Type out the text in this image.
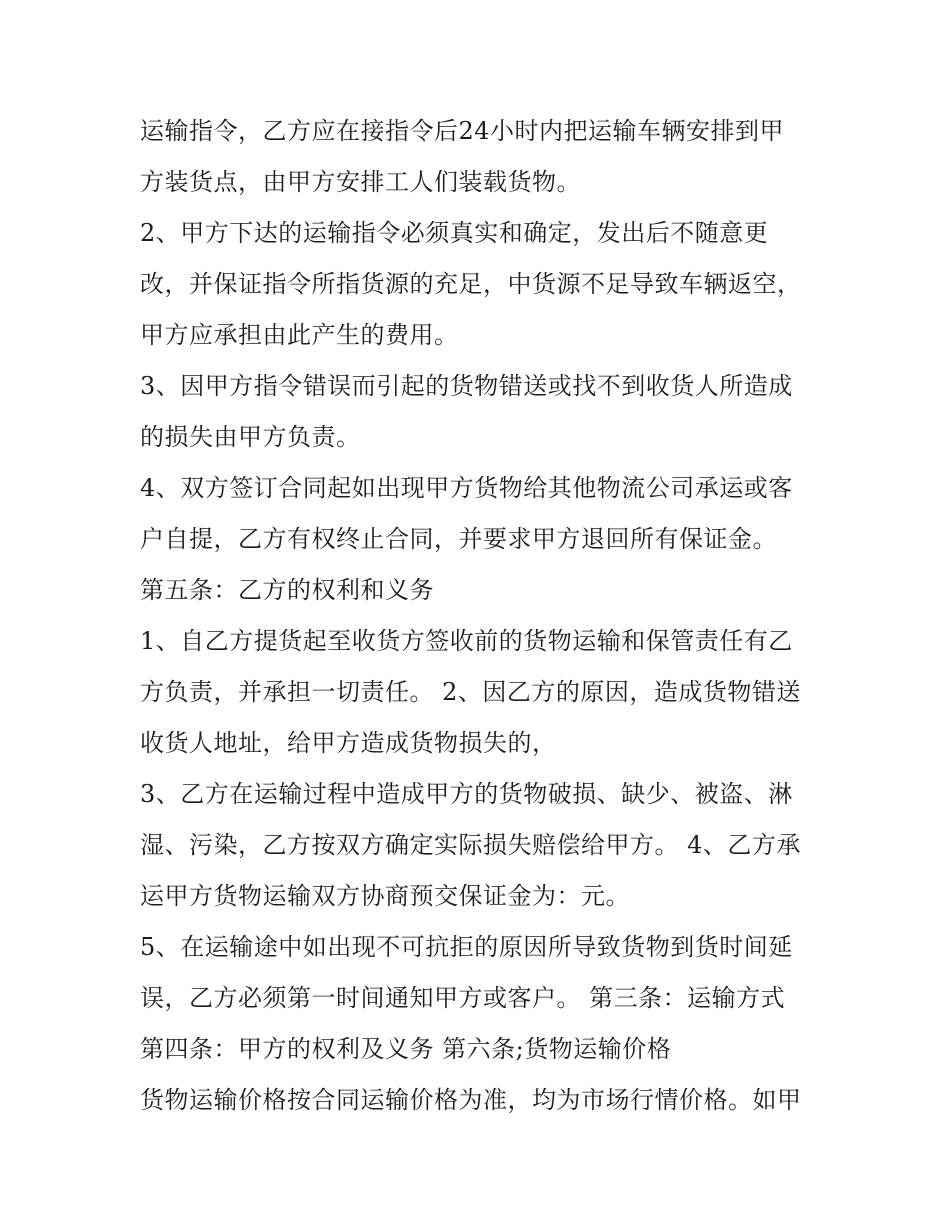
运输指令，乙方应在接指令后24小时内把运输车辆安排到甲
方装货点，由甲方安排工人们装载货物。
2、甲方下达的运输指令必须真实和确定，发出后不随意更
改，并保证指令所指货源的充足，中货源不足导致车辆返空，
甲方应承担由此产生的费用。
3、因甲方指令错误而引起的货物错送或找不到收货人所造成
的损失由甲方负责。
4、双方签订合同起如出现甲方货物给其他物流公司承运或客
户自提，乙方有权终止合同，并要求甲方退回所有保证金。
第五条：乙方的权利和义务
1、自乙方提货起至收货方签收前的货物运输和保管责任有乙
方负责，并承担一切责任。 2、因乙方的原因，造成货物错送
收货人地址，给甲方造成货物损失的，
3、乙方在运输过程中造成甲方的货物破损、缺少、被盗、淋
湿、污染，乙方按双方确定实际损失赔偿给甲方。 4、乙方承
运甲方货物运输双方协商预交保证金为：元。
5、在运输途中如出现不可抗拒的原因所导致货物到货时间延
误，乙方必须第一时间通知甲方或客户。 第三条：运输方式
第四条：甲方的权利及义务 第六条;货物运输价格
货物运输价格按合同运输价格为准，均为市场行情价格。如甲
